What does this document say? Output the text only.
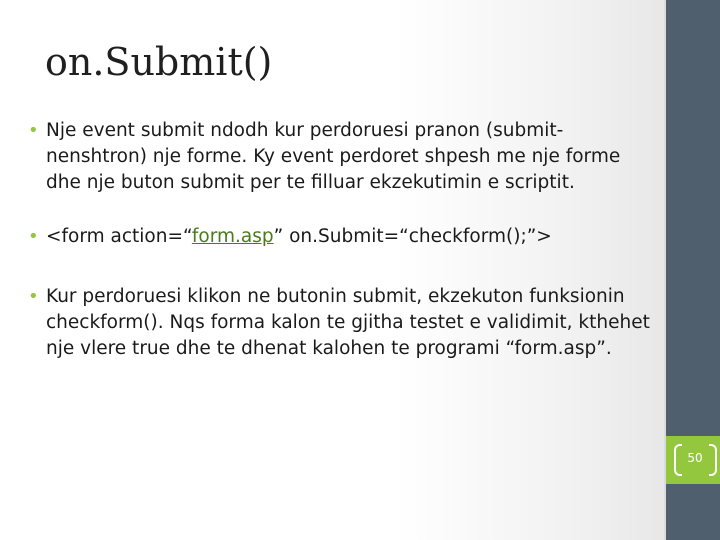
on.Submit()
• Nje event submit ndodh kur perdoruesi pranon (submit-nenshtron) nje forme. Ky event perdoret shpesh me nje forme dhe nje buton submit per te filluar ekzekutimin e scriptit.
• <form action=“form.asp” on.Submit=“checkform();”>
• Kur perdoruesi klikon ne butonin submit, ekzekuton funksionin checkform(). Nqs forma kalon te gjitha testet e validimit, kthehet nje vlere true dhe te dhenat kalohen te programi “form.asp”.
50
